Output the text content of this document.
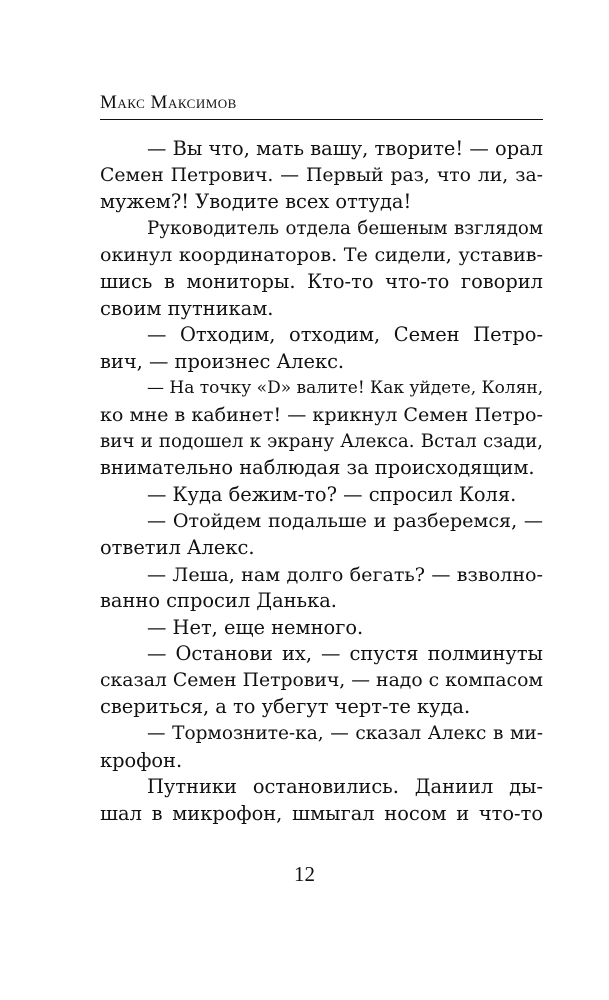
Макс Максимов

— Вы что, мать вашу, творите! — орал
Семен Петрович. — Первый раз, что ли, за-
мужем?! Уводите всех оттуда!

Руководитель отдела бешеным взглядом
окинул координаторов. Те сидели, уставив-
шись в мониторы. Кто-то что-то говорил
своим путникам.

— Отходим, отходим, Семен Петро-
вич, — произнес Алекс.

— На точку «D» валите! Как уйдете, Колян,
ко мне в кабинет! — крикнул Семен Петро-
вич и подошел к экрану Алекса. Встал сзади,
внимательно наблюдая за происходящим.

— Куда бежим-то? — спросил Коля.

— Отойдем подальше и разберемся, —
ответил Алекс.

— Леша, нам долго бегать? — взволно-
ванно спросил Данька.

— Нет, еще немного.

— Останови их, — спустя полминуты
сказал Семен Петрович, — надо с компасом
свериться, а то убегут черт-те куда.

— Тормозните-ка, — сказал Алекс в ми-
крофон.

Путники остановились. Даниил ды-
шал в микрофон, шмыгал носом и что-то

12
